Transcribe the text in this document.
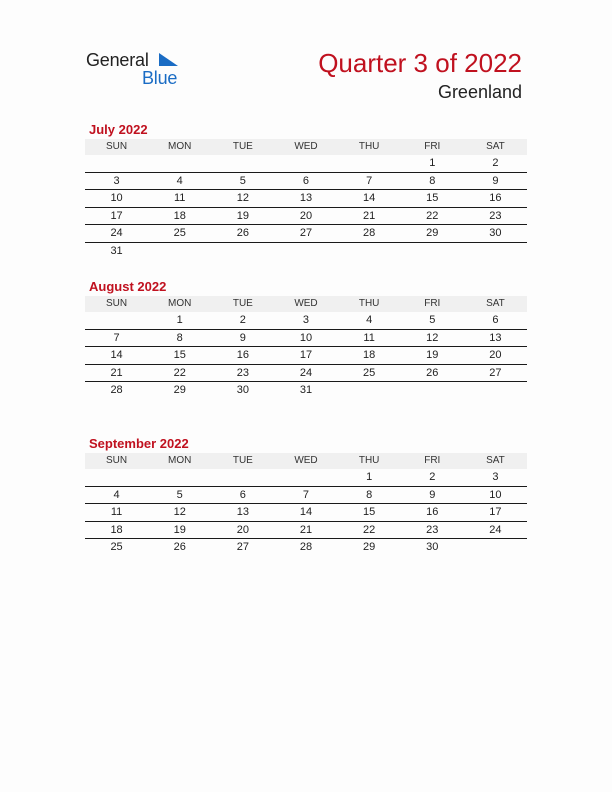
General
Blue	Quarter 3 of 2022
Greenland
July 2022
SUN	MON	TUE	WED	THU	FRI	SAT
					1	2
3	4	5	6	7	8	9
10	11	12	13	14	15	16
17	18	19	20	21	22	23
24	25	26	27	28	29	30
31						
August 2022
SUN	MON	TUE	WED	THU	FRI	SAT
	1	2	3	4	5	6
7	8	9	10	11	12	13
14	15	16	17	18	19	20
21	22	23	24	25	26	27
28	29	30	31			
September 2022
SUN	MON	TUE	WED	THU	FRI	SAT
				1	2	3
4	5	6	7	8	9	10
11	12	13	14	15	16	17
18	19	20	21	22	23	24
25	26	27	28	29	30	
